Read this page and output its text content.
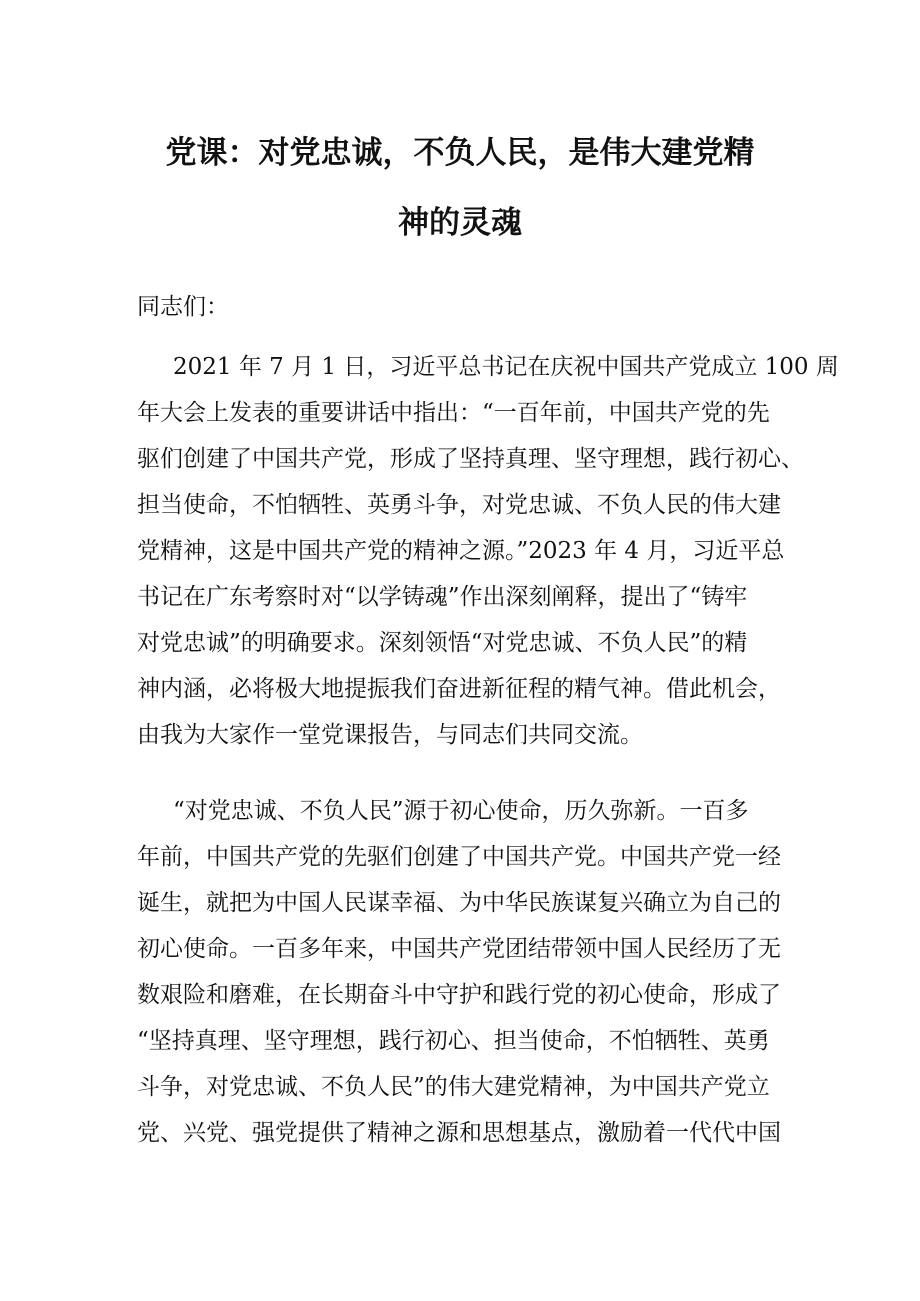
党课：对党忠诚，不负人民，是伟大建党精
神的灵魂
同志们：
2021 年 7 月 1 日，习近平总书记在庆祝中国共产党成立 100 周
年大会上发表的重要讲话中指出：“一百年前，中国共产党的先
驱们创建了中国共产党，形成了坚持真理、坚守理想，践行初心、
担当使命，不怕牺牲、英勇斗争，对党忠诚、不负人民的伟大建
党精神，这是中国共产党的精神之源。”2023 年 4 月，习近平总
书记在广东考察时对“以学铸魂”作出深刻阐释，提出了“铸牢
对党忠诚”的明确要求。深刻领悟“对党忠诚、不负人民”的精
神内涵，必将极大地提振我们奋进新征程的精气神。借此机会，
由我为大家作一堂党课报告，与同志们共同交流。
“对党忠诚、不负人民”源于初心使命，历久弥新。一百多
年前，中国共产党的先驱们创建了中国共产党。中国共产党一经
诞生，就把为中国人民谋幸福、为中华民族谋复兴确立为自己的
初心使命。一百多年来，中国共产党团结带领中国人民经历了无
数艰险和磨难，在长期奋斗中守护和践行党的初心使命，形成了
“坚持真理、坚守理想，践行初心、担当使命，不怕牺牲、英勇
斗争，对党忠诚、不负人民”的伟大建党精神，为中国共产党立
党、兴党、强党提供了精神之源和思想基点，激励着一代代中国
